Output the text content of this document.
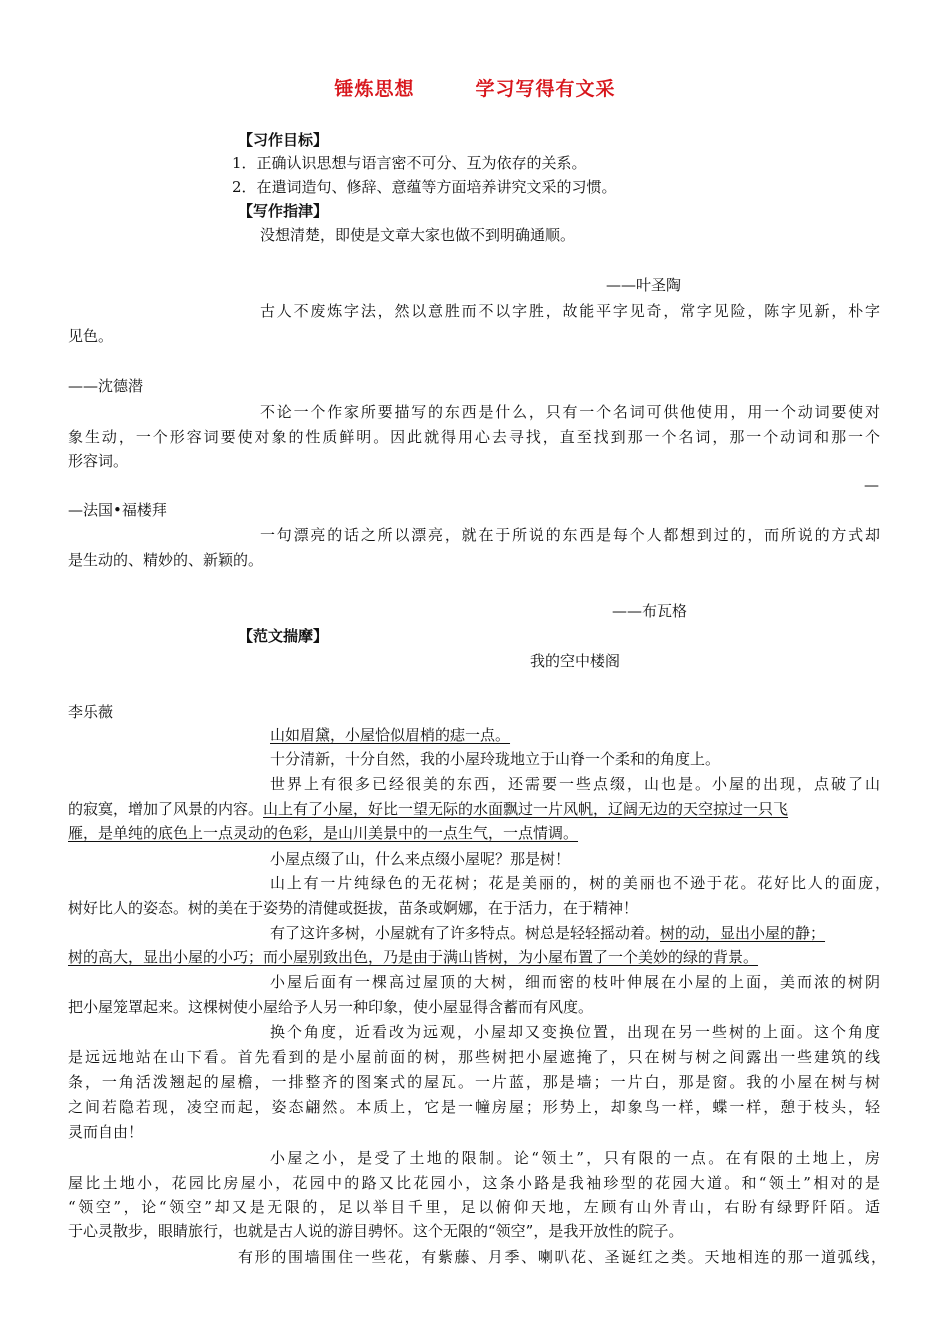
锤炼思想        学习写得有文采
【习作目标】
1．正确认识思想与语言密不可分、互为依存的关系。
2．在遣词造句、修辞、意蕴等方面培养讲究文采的习惯。
【写作指津】
没想清楚，即使是文章大家也做不到明确通顺。
——叶圣陶
古人不废炼字法，然以意胜而不以字胜，故能平字见奇，常字见险，陈字见新，朴字
见色。
——沈德潜
不论一个作家所要描写的东西是什么，只有一个名词可供他使用，用一个动词要使对
象生动，一个形容词要使对象的性质鲜明。因此就得用心去寻找，直至找到那一个名词，那一个动词和那一个
形容词。
—
—法国•福楼拜
一句漂亮的话之所以漂亮，就在于所说的东西是每个人都想到过的，而所说的方式却
是生动的、精妙的、新颖的。
——布瓦格
【范文揣摩】
我的空中楼阁
李乐薇
山如眉黛，小屋恰似眉梢的痣一点。
十分清新，十分自然，我的小屋玲珑地立于山脊一个柔和的角度上。
世界上有很多已经很美的东西，还需要一些点缀，山也是。小屋的出现，点破了山
的寂寞，增加了风景的内容。山上有了小屋，好比一望无际的水面飘过一片风帆，辽阔无边的天空掠过一只飞
雁，是单纯的底色上一点灵动的色彩，是山川美景中的一点生气，一点情调。
小屋点缀了山，什么来点缀小屋呢？那是树！
山上有一片纯绿色的无花树；花是美丽的，树的美丽也不逊于花。花好比人的面庞，
树好比人的姿态。树的美在于姿势的清健或挺拔，苗条或婀娜，在于活力，在于精神！
有了这许多树，小屋就有了许多特点。树总是轻轻摇动着。树的动，显出小屋的静；
树的高大，显出小屋的小巧；而小屋别致出色，乃是由于满山皆树，为小屋布置了一个美妙的绿的背景。
小屋后面有一棵高过屋顶的大树，细而密的枝叶伸展在小屋的上面，美而浓的树阴
把小屋笼罩起来。这棵树使小屋给予人另一种印象，使小屋显得含蓄而有风度。
换个角度，近看改为远观，小屋却又变换位置，出现在另一些树的上面。这个角度
是远远地站在山下看。首先看到的是小屋前面的树，那些树把小屋遮掩了，只在树与树之间露出一些建筑的线
条，一角活泼翘起的屋檐，一排整齐的图案式的屋瓦。一片蓝，那是墙；一片白，那是窗。我的小屋在树与树
之间若隐若现，凌空而起，姿态翩然。本质上，它是一幢房屋；形势上，却象鸟一样，蝶一样，憩于枝头，轻
灵而自由！
小屋之小，是受了土地的限制。论“领土”，只有限的一点。在有限的土地上，房
屋比土地小，花园比房屋小，花园中的路又比花园小，这条小路是我袖珍型的花园大道。和“领土”相对的是
“领空”，论“领空”却又是无限的，足以举目千里，足以俯仰天地，左顾有山外青山，右盼有绿野阡陌。适
于心灵散步，眼睛旅行，也就是古人说的游目骋怀。这个无限的“领空”，是我开放性的院子。
有形的围墙围住一些花，有紫藤、月季、喇叭花、圣诞红之类。天地相连的那一道弧线，
